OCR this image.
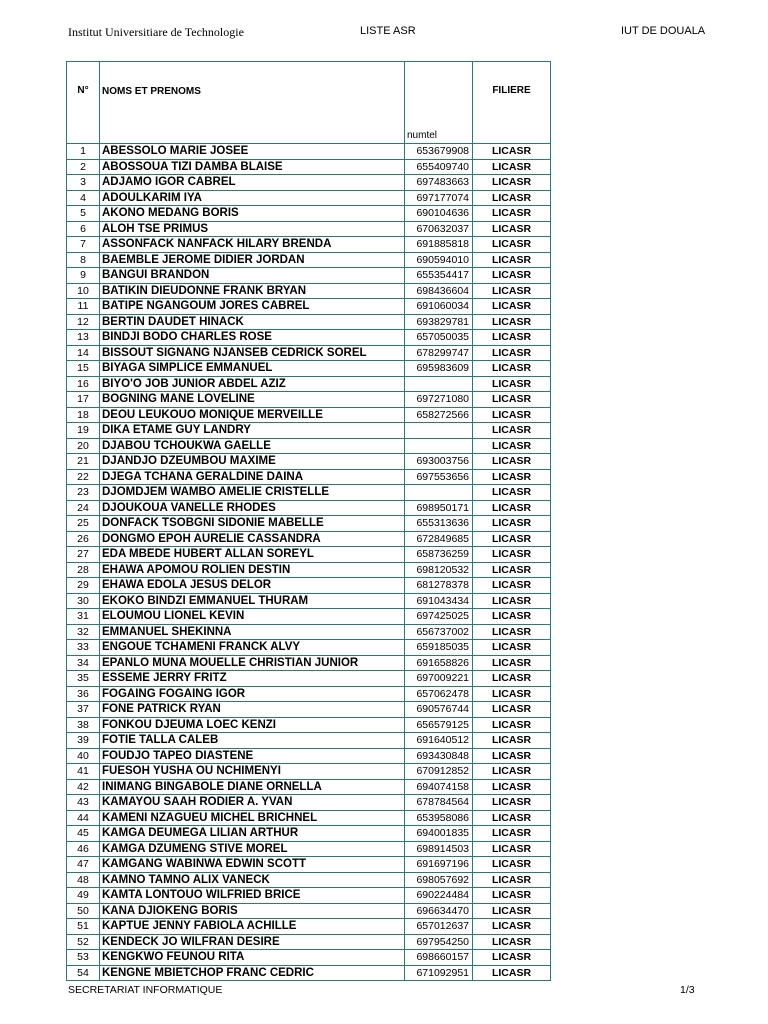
Institut Universitiare de Technologie	LISTE ASR	IUT DE DOUALA
N°	NOMS ET PRENOMS	numtel	FILIERE
1	ABESSOLO MARIE JOSEE	653679908	LICASR
2	ABOSSOUA TIZI DAMBA BLAISE	655409740	LICASR
3	ADJAMO IGOR CABREL	697483663	LICASR
4	ADOULKARIM IYA	697177074	LICASR
5	AKONO MEDANG BORIS	690104636	LICASR
6	ALOH TSE PRIMUS	670632037	LICASR
7	ASSONFACK NANFACK HILARY BRENDA	691885818	LICASR
8	BAEMBLE JEROME DIDIER JORDAN	690594010	LICASR
9	BANGUI BRANDON	655354417	LICASR
10	BATIKIN DIEUDONNE FRANK BRYAN	698436604	LICASR
11	BATIPE NGANGOUM JORES CABREL	691060034	LICASR
12	BERTIN DAUDET HINACK	693829781	LICASR
13	BINDJI BODO CHARLES ROSE	657050035	LICASR
14	BISSOUT SIGNANG NJANSEB CEDRICK SOREL	678299747	LICASR
15	BIYAGA SIMPLICE EMMANUEL	695983609	LICASR
16	BIYO'O JOB JUNIOR ABDEL AZIZ		LICASR
17	BOGNING MANE LOVELINE	697271080	LICASR
18	DEOU LEUKOUO MONIQUE MERVEILLE	658272566	LICASR
19	DIKA ETAME GUY LANDRY		LICASR
20	DJABOU TCHOUKWA GAELLE		LICASR
21	DJANDJO DZEUMBOU MAXIME	693003756	LICASR
22	DJEGA TCHANA GERALDINE DAINA	697553656	LICASR
23	DJOMDJEM WAMBO AMELIE CRISTELLE		LICASR
24	DJOUKOUA VANELLE RHODES	698950171	LICASR
25	DONFACK TSOBGNI SIDONIE MABELLE	655313636	LICASR
26	DONGMO EPOH AURELIE CASSANDRA	672849685	LICASR
27	EDA MBEDE HUBERT ALLAN SOREYL	658736259	LICASR
28	EHAWA APOMOU ROLIEN DESTIN	698120532	LICASR
29	EHAWA EDOLA JESUS DELOR	681278378	LICASR
30	EKOKO BINDZI EMMANUEL THURAM	691043434	LICASR
31	ELOUMOU LIONEL KEVIN	697425025	LICASR
32	EMMANUEL SHEKINNA	656737002	LICASR
33	ENGOUE TCHAMENI FRANCK ALVY	659185035	LICASR
34	EPANLO MUNA MOUELLE CHRISTIAN JUNIOR	691658826	LICASR
35	ESSEME JERRY FRITZ	697009221	LICASR
36	FOGAING FOGAING IGOR	657062478	LICASR
37	FONE PATRICK RYAN	690576744	LICASR
38	FONKOU DJEUMA LOEC KENZI	656579125	LICASR
39	FOTIE TALLA CALEB	691640512	LICASR
40	FOUDJO TAPEO DIASTENE	693430848	LICASR
41	FUESOH YUSHA OU NCHIMENYI	670912852	LICASR
42	INIMANG BINGABOLE DIANE ORNELLA	694074158	LICASR
43	KAMAYOU SAAH RODIER A. YVAN	678784564	LICASR
44	KAMENI NZAGUEU MICHEL BRICHNEL	653958086	LICASR
45	KAMGA DEUMEGA LILIAN ARTHUR	694001835	LICASR
46	KAMGA DZUMENG STIVE MOREL	698914503	LICASR
47	KAMGANG WABINWA EDWIN SCOTT	691697196	LICASR
48	KAMNO TAMNO ALIX VANECK	698057692	LICASR
49	KAMTA LONTOUO WILFRIED BRICE	690224484	LICASR
50	KANA DJIOKENG BORIS	696634470	LICASR
51	KAPTUE JENNY FABIOLA ACHILLE	657012637	LICASR
52	KENDECK JO WILFRAN DESIRE	697954250	LICASR
53	KENGKWO FEUNOU RITA	698660157	LICASR
54	KENGNE MBIETCHOP FRANC CEDRIC	671092951	LICASR
SECRETARIAT INFORMATIQUE	1/3
